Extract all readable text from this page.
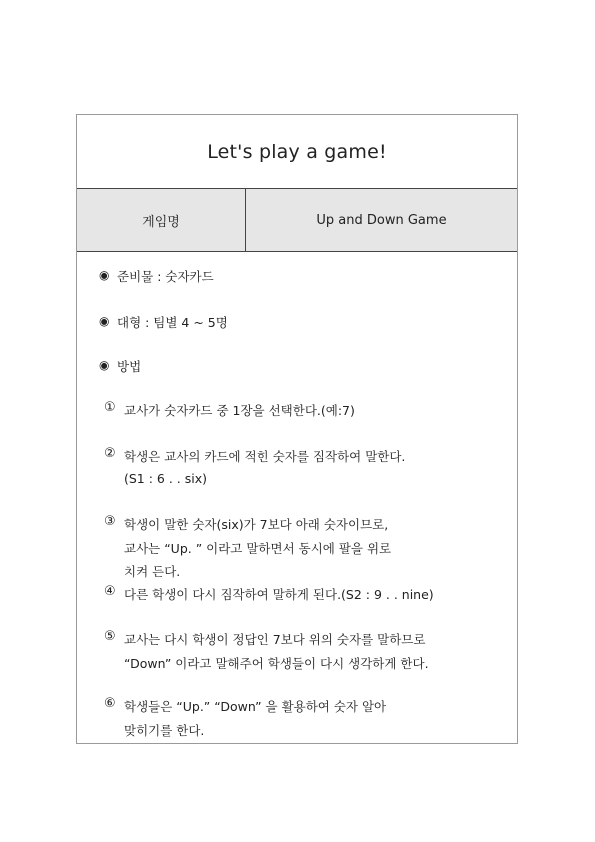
Let's play a game!
게임명	Up and Down Game
◉ 준비물 : 숫자카드
◉ 대형 : 팀별 4 ~ 5명
◉ 방법
① 교사가 숫자카드 중 1장을 선택한다.(예:7)
② 학생은 교사의 카드에 적힌 숫자를 짐작하여 말한다.
(S1 : 6 . . six)
③ 학생이 말한 숫자(six)가 7보다 아래 숫자이므로,
교사는 “Up. ” 이라고 말하면서 동시에 팔을 위로
치켜 든다.
④ 다른 학생이 다시 짐작하여 말하게 된다.(S2 : 9 . . nine)
⑤ 교사는 다시 학생이 정답인 7보다 위의 숫자를 말하므로
“Down” 이라고 말해주어 학생들이 다시 생각하게 한다.
⑥ 학생들은 “Up.” “Down” 을 활용하여 숫자 알아
맞히기를 한다.
